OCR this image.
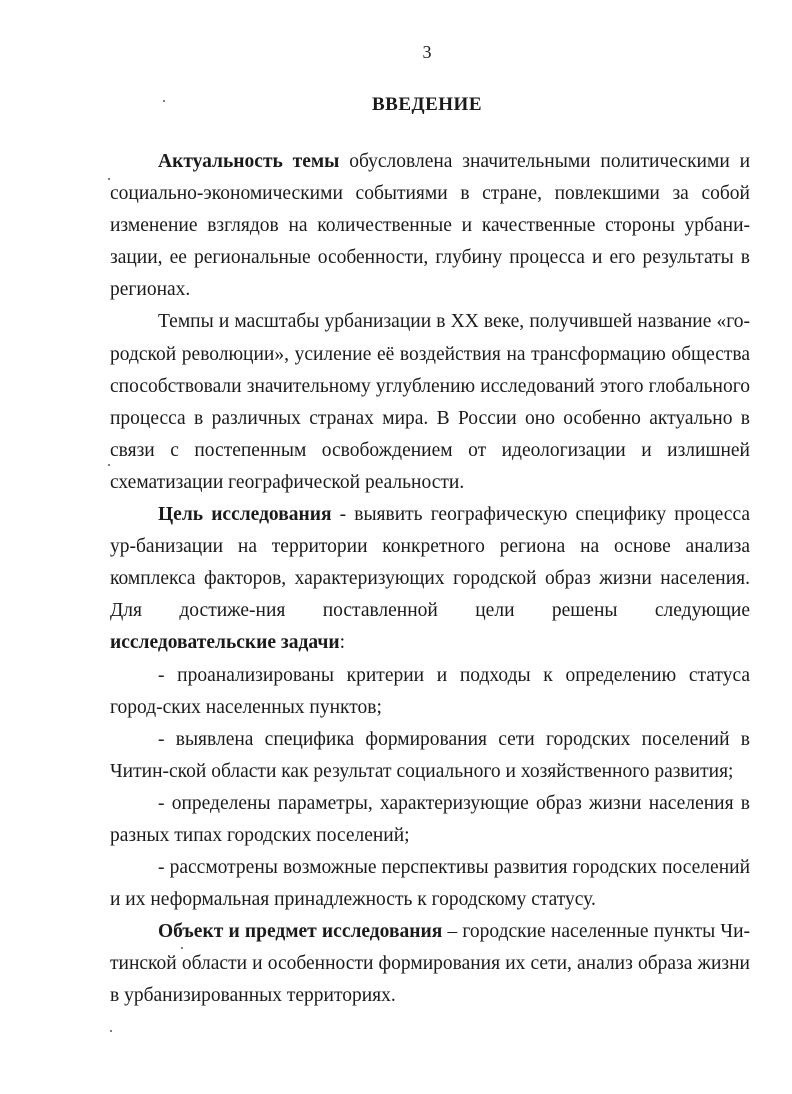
3
ВВЕДЕНИЕ

Актуальность темы обусловлена значительными политическими и социально-экономическими событиями в стране, повлекшими за собой изменение взглядов на количественные и качественные стороны урбани-зации, ее региональные особенности, глубину процесса и его результаты в регионах.

Темпы и масштабы урбанизации в XX веке, получившей название «го-родской революции», усиление её воздействия на трансформацию общества способствовали значительному углублению исследований этого глобального процесса в различных странах мира. В России оно особенно актуально в связи с постепенным освобождением от идеологизации и излишней схематизации географической реальности.

Цель исследования - выявить географическую специфику процесса ур-банизации на территории конкретного региона на основе анализа комплекса факторов, характеризующих городской образ жизни населения. Для достиже-ния поставленной цели решены следующие исследовательские задачи:

- проанализированы критерии и подходы к определению статуса город-ских населенных пунктов;

- выявлена специфика формирования сети городских поселений в Читин-ской области как результат социального и хозяйственного развития;

- определены параметры, характеризующие образ жизни населения в разных типах городских поселений;

- рассмотрены возможные перспективы развития городских поселений и их неформальная принадлежность к городскому статусу.

Объект и предмет исследования – городские населенные пункты Чи-тинской области и особенности формирования их сети, анализ образа жизни в урбанизированных территориях.
